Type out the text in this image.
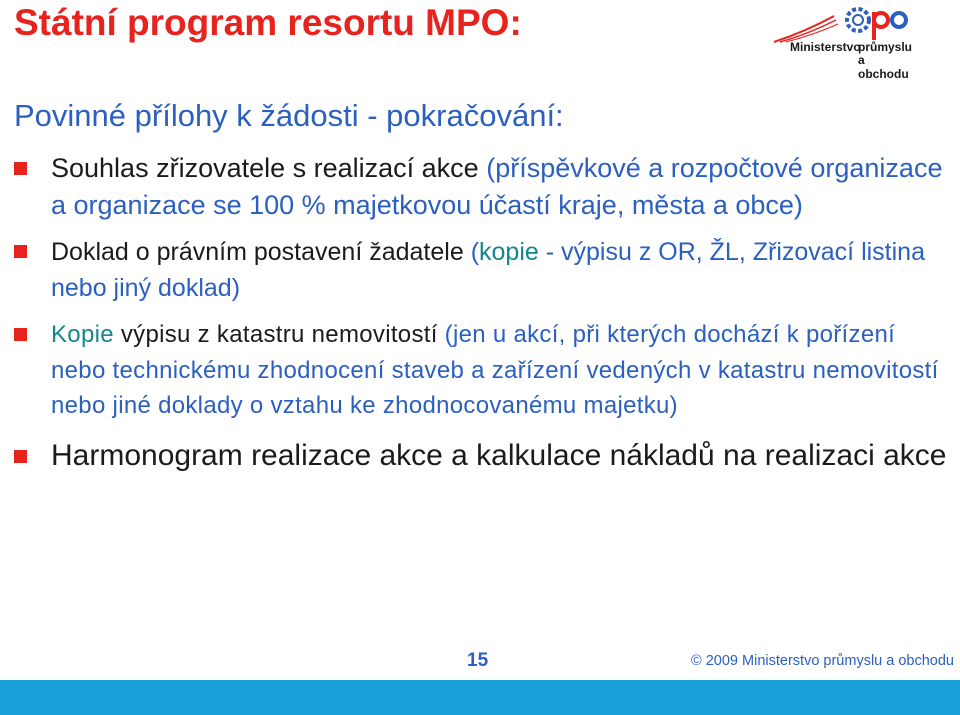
Státní program resortu MPO:
Ministerstvo
průmyslu
a obchodu
Povinné přílohy k žádosti - pokračování:
Souhlas zřizovatele s realizací akce (příspěvkové a rozpočtové organizace a organizace se 100 % majetkovou účastí kraje, města a obce)
Doklad o právním postavení žadatele (kopie - výpisu z OR, ŽL, Zřizovací listina nebo jiný doklad)
Kopie výpisu z katastru nemovitostí (jen u akcí, při kterých dochází k pořízení nebo technickému zhodnocení staveb a zařízení vedených v katastru nemovitostí nebo jiné doklady o vztahu ke zhodnocovanému majetku)
Harmonogram realizace akce a kalkulace nákladů na realizaci akce
15	© 2009 Ministerstvo průmyslu a obchodu
